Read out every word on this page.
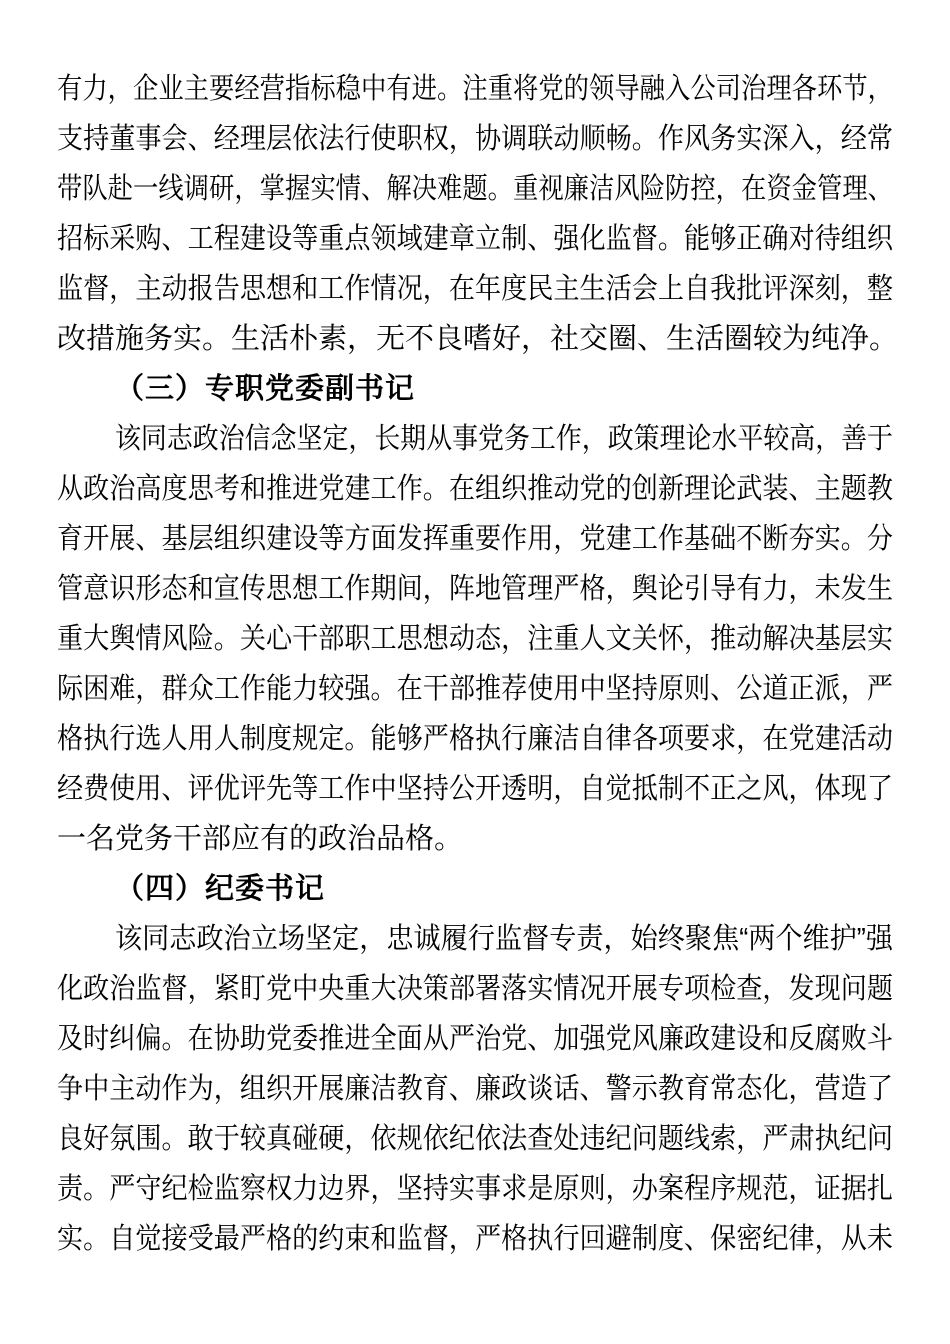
有力，企业主要经营指标稳中有进。注重将党的领导融入公司治理各环节，
支持董事会、经理层依法行使职权，协调联动顺畅。作风务实深入，经常
带队赴一线调研，掌握实情、解决难题。重视廉洁风险防控，在资金管理、
招标采购、工程建设等重点领域建章立制、强化监督。能够正确对待组织
监督，主动报告思想和工作情况，在年度民主生活会上自我批评深刻，整
改措施务实。生活朴素，无不良嗜好，社交圈、生活圈较为纯净。
（三）专职党委副书记
该同志政治信念坚定，长期从事党务工作，政策理论水平较高，善于
从政治高度思考和推进党建工作。在组织推动党的创新理论武装、主题教
育开展、基层组织建设等方面发挥重要作用，党建工作基础不断夯实。分
管意识形态和宣传思想工作期间，阵地管理严格，舆论引导有力，未发生
重大舆情风险。关心干部职工思想动态，注重人文关怀，推动解决基层实
际困难，群众工作能力较强。在干部推荐使用中坚持原则、公道正派，严
格执行选人用人制度规定。能够严格执行廉洁自律各项要求，在党建活动
经费使用、评优评先等工作中坚持公开透明，自觉抵制不正之风，体现了
一名党务干部应有的政治品格。
（四）纪委书记
该同志政治立场坚定，忠诚履行监督专责，始终聚焦“两个维护”强
化政治监督，紧盯党中央重大决策部署落实情况开展专项检查，发现问题
及时纠偏。在协助党委推进全面从严治党、加强党风廉政建设和反腐败斗
争中主动作为，组织开展廉洁教育、廉政谈话、警示教育常态化，营造了
良好氛围。敢于较真碰硬，依规依纪依法查处违纪问题线索，严肃执纪问
责。严守纪检监察权力边界，坚持实事求是原则，办案程序规范，证据扎
实。自觉接受最严格的约束和监督，严格执行回避制度、保密纪律，从未
